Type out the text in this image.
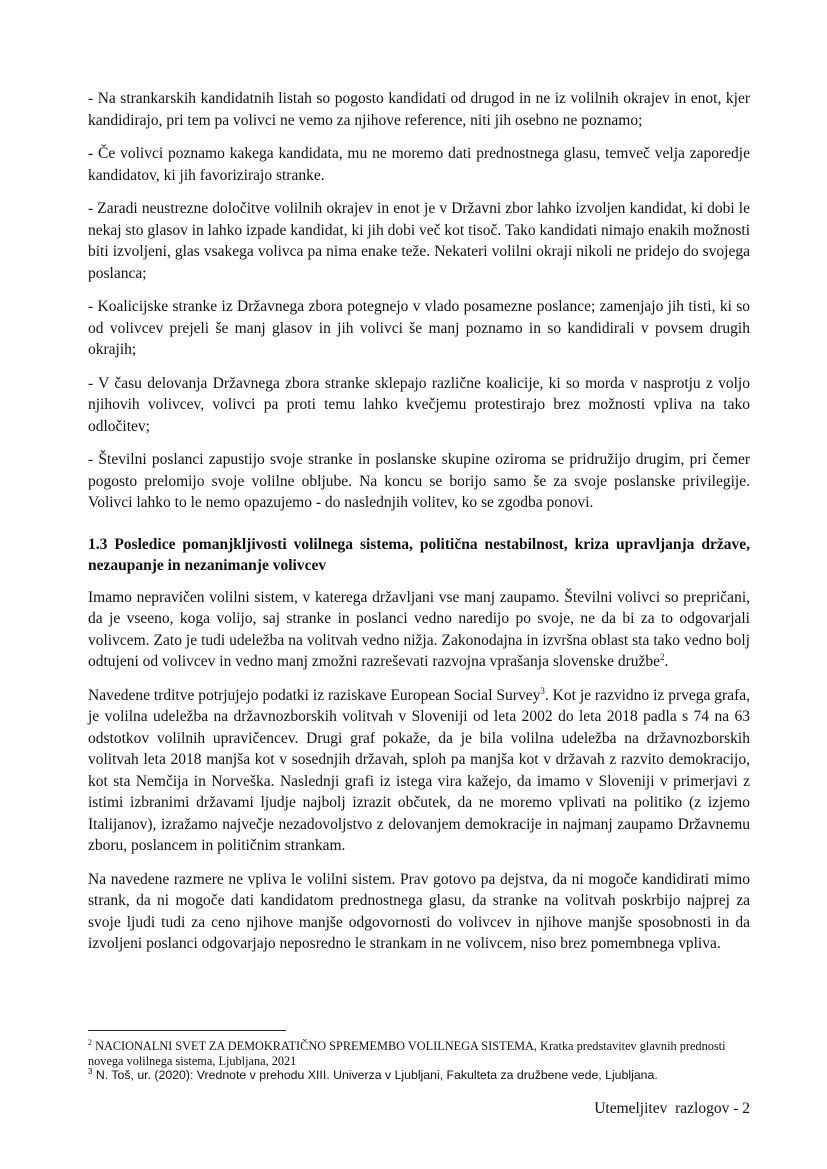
- Na strankarskih kandidatnih listah so pogosto kandidati od drugod in ne iz volilnih okrajev in enot, kjer kandidirajo, pri tem pa volivci ne vemo za njihove reference, niti jih osebno ne poznamo;

- Če volivci poznamo kakega kandidata, mu ne moremo dati prednostnega glasu, temveč velja zaporedje kandidatov, ki jih favorizirajo stranke.

- Zaradi neustrezne določitve volilnih okrajev in enot je v Državni zbor lahko izvoljen kandidat, ki dobi le nekaj sto glasov in lahko izpade kandidat, ki jih dobi več kot tisoč. Tako kandidati nimajo enakih možnosti biti izvoljeni, glas vsakega volivca pa nima enake teže. Nekateri volilni okraji nikoli ne pridejo do svojega poslanca;

- Koalicijske stranke iz Državnega zbora potegnejo v vlado posamezne poslance; zamenjajo jih tisti, ki so od volivcev prejeli še manj glasov in jih volivci še manj poznamo in so kandidirali v povsem drugih okrajih;

- V času delovanja Državnega zbora stranke sklepajo različne koalicije, ki so morda v nasprotju z voljo njihovih volivcev, volivci pa proti temu lahko kvečjemu protestirajo brez možnosti vpliva na tako odločitev;

- Številni poslanci zapustijo svoje stranke in poslanske skupine oziroma se pridružijo drugim, pri čemer pogosto prelomijo svoje volilne obljube. Na koncu se borijo samo še za svoje poslanske privilegije. Volivci lahko to le nemo opazujemo - do naslednjih volitev, ko se zgodba ponovi.

1.3 Posledice pomanjkljivosti volilnega sistema, politična nestabilnost, kriza upravljanja države, nezaupanje in nezanimanje volivcev

Imamo nepravičen volilni sistem, v katerega državljani vse manj zaupamo. Številni volivci so prepričani, da je vseeno, koga volijo, saj stranke in poslanci vedno naredijo po svoje, ne da bi za to odgovarjali volivcem. Zato je tudi udeležba na volitvah vedno nižja. Zakonodajna in izvršna oblast sta tako vedno bolj odtujeni od volivcev in vedno manj zmožni razreševati razvojna vprašanja slovenske družbe$^2$.

Navedene trditve potrjujejo podatki iz raziskave European Social Survey$^3$. Kot je razvidno iz prvega grafa, je volilna udeležba na državnozborskih volitvah v Sloveniji od leta 2002 do leta 2018 padla s 74 na 63 odstotkov volilnih upravičencev. Drugi graf pokaže, da je bila volilna udeležba na državnozborskih volitvah leta 2018 manjša kot v sosednjih državah, sploh pa manjša kot v državah z razvito demokracijo, kot sta Nemčija in Norveška. Naslednji grafi iz istega vira kažejo, da imamo v Sloveniji v primerjavi z istimi izbranimi državami ljudje najbolj izrazit občutek, da ne moremo vplivati na politiko (z izjemo Italijanov), izražamo največje nezadovoljstvo z delovanjem demokracije in najmanj zaupamo Državnemu zboru, poslancem in političnim strankam.

Na navedene razmere ne vpliva le volilni sistem. Prav gotovo pa dejstva, da ni mogoče kandidirati mimo strank, da ni mogoče dati kandidatom prednostnega glasu, da stranke na volitvah poskrbijo najprej za svoje ljudi tudi za ceno njihove manjše odgovornosti do volivcev in njihove manjše sposobnosti in da izvoljeni poslanci odgovarjajo neposredno le strankam in ne volivcem, niso brez pomembnega vpliva.

$^2$ NACIONALNI SVET ZA DEMOKRATIČNO SPREMEMBO VOLILNEGA SISTEMA, Kratka predstavitev glavnih prednosti novega volilnega sistema, Ljubljana, 2021

$^3$ N. Toš, ur. (2020): Vrednote v prehodu XIII. Univerza v Ljubljani, Fakulteta za družbene vede, Ljubljana.

Utemeljitev  razlogov - 2
